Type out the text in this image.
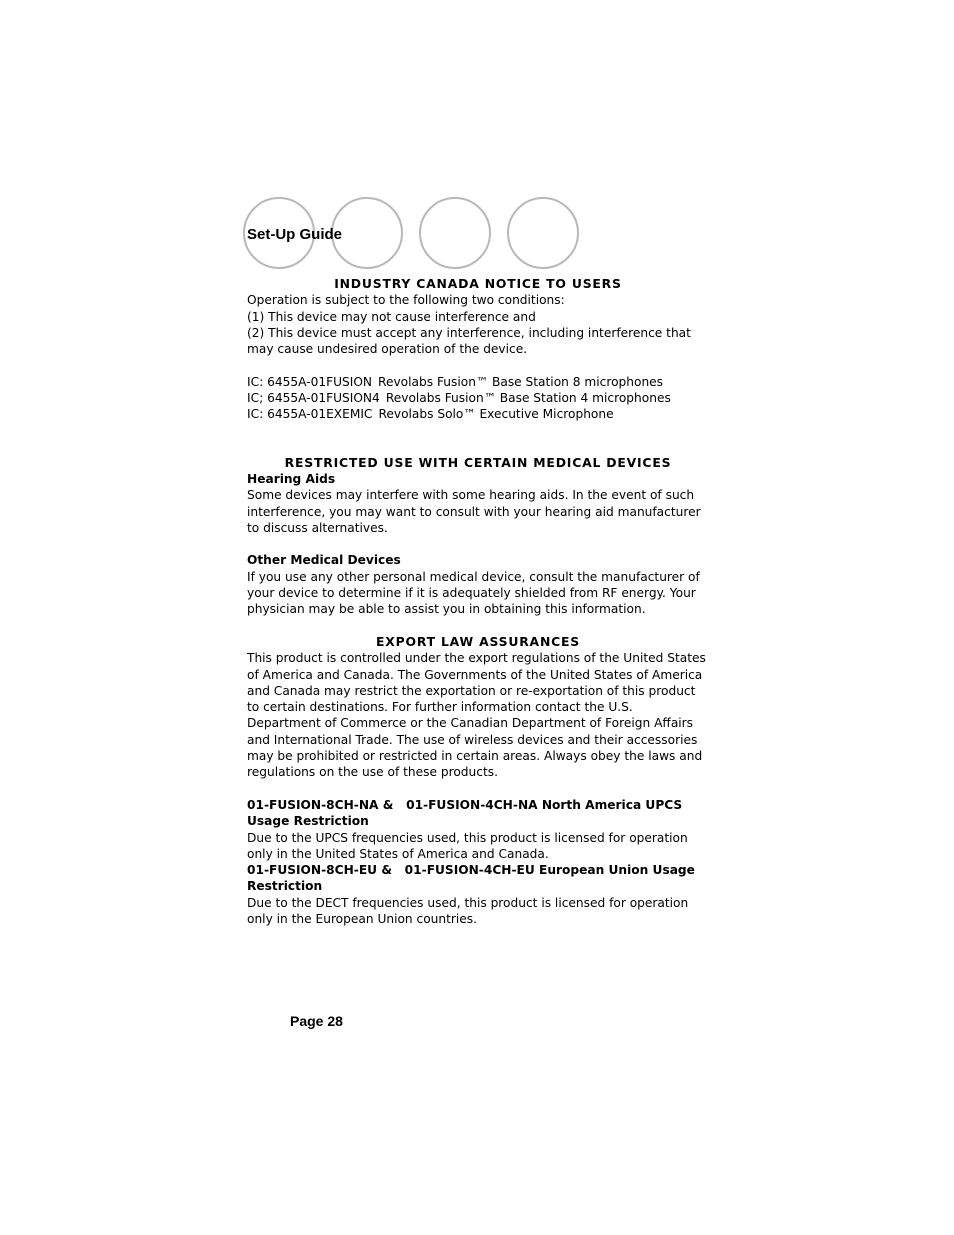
Set-Up Guide

INDUSTRY CANADA NOTICE TO USERS

Operation is subject to the following two conditions:

(1) This device may not cause interference and

(2) This device must accept any interference, including interference that may cause undesired operation of the device.

IC: 6455A-01FUSION Revolabs Fusion™ Base Station 8 microphones

IC; 6455A-01FUSION4 Revolabs Fusion™ Base Station 4 microphones

IC: 6455A-01EXEMIC Revolabs Solo™ Executive Microphone

RESTRICTED USE WITH CERTAIN MEDICAL DEVICES

Hearing Aids

Some devices may interfere with some hearing aids. In the event of such interference, you may want to consult with your hearing aid manufacturer to discuss alternatives.

Other Medical Devices

If you use any other personal medical device, consult the manufacturer of your device to determine if it is adequately shielded from RF energy. Your physician may be able to assist you in obtaining this information.

EXPORT LAW ASSURANCES

This product is controlled under the export regulations of the United States of America and Canada. The Governments of the United States of America and Canada may restrict the exportation or re-exportation of this product to certain destinations. For further information contact the U.S. Department of Commerce or the Canadian Department of Foreign Affairs and International Trade. The use of wireless devices and their accessories may be prohibited or restricted in certain areas. Always obey the laws and regulations on the use of these products.

01-FUSION-8CH-NA &   01-FUSION-4CH-NA North America UPCS Usage Restriction

Due to the UPCS frequencies used, this product is licensed for operation only in the United States of America and Canada.

01-FUSION-8CH-EU &   01-FUSION-4CH-EU European Union Usage Restriction

Due to the DECT frequencies used, this product is licensed for operation only in the European Union countries.

Page 28
